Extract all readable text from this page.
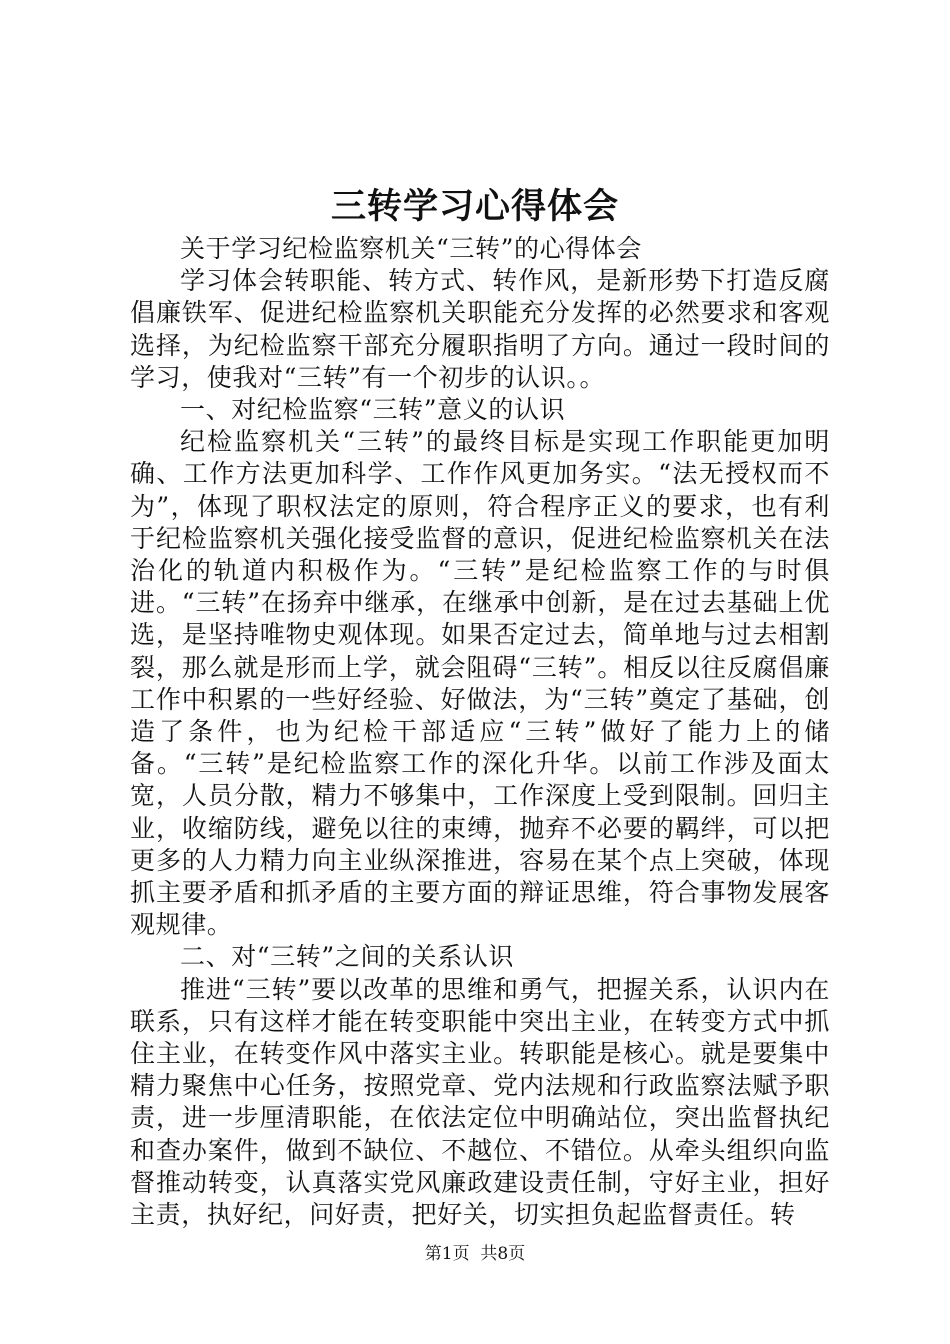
三转学习心得体会

关于学习纪检监察机关“三转”的心得体会

学习体会转职能、转方式、转作风，是新形势下打造反腐倡廉铁军、促进纪检监察机关职能充分发挥的必然要求和客观选择，为纪检监察干部充分履职指明了方向。通过一段时间的学习，使我对“三转”有一个初步的认识。。

一、对纪检监察“三转”意义的认识

纪检监察机关“三转”的最终目标是实现工作职能更加明确、工作方法更加科学、工作作风更加务实。“法无授权而不为”，体现了职权法定的原则，符合程序正义的要求，也有利于纪检监察机关强化接受监督的意识，促进纪检监察机关在法治化的轨道内积极作为。“三转”是纪检监察工作的与时俱进。“三转”在扬弃中继承，在继承中创新，是在过去基础上优选，是坚持唯物史观体现。如果否定过去，简单地与过去相割裂，那么就是形而上学，就会阻碍“三转”。相反以往反腐倡廉工作中积累的一些好经验、好做法，为“三转”奠定了基础，创造了条件，也为纪检干部适应“三转”做好了能力上的储备。“三转”是纪检监察工作的深化升华。以前工作涉及面太宽，人员分散，精力不够集中，工作深度上受到限制。回归主业，收缩防线，避免以往的束缚，抛弃不必要的羁绊，可以把更多的人力精力向主业纵深推进，容易在某个点上突破，体现抓主要矛盾和抓矛盾的主要方面的辩证思维，符合事物发展客观规律。

二、对“三转”之间的关系认识

推进“三转”要以改革的思维和勇气，把握关系，认识内在联系，只有这样才能在转变职能中突出主业，在转变方式中抓住主业，在转变作风中落实主业。转职能是核心。就是要集中精力聚焦中心任务，按照党章、党内法规和行政监察法赋予职责，进一步厘清职能，在依法定位中明确站位，突出监督执纪和查办案件，做到不缺位、不越位、不错位。从牵头组织向监督推动转变，认真落实党风廉政建设责任制，守好主业，担好主责，执好纪，问好责，把好关，切实担负起监督责任。转

第1页  共8页
